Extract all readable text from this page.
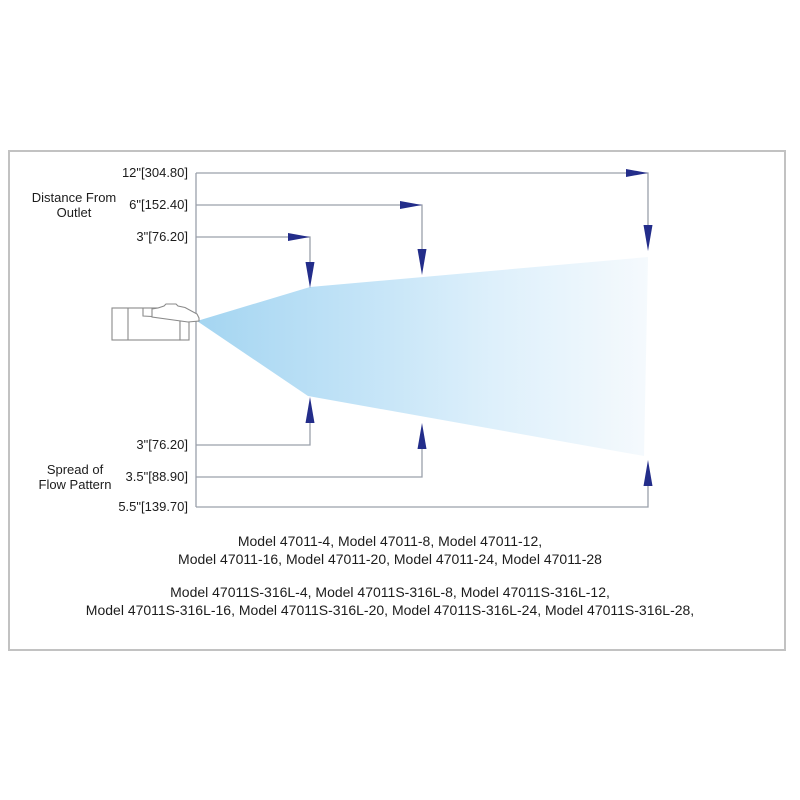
Distance From
Outlet
12"[304.80]
6"[152.40]
3"[76.20]
3"[76.20]
Spread of
Flow Pattern
3.5"[88.90]
5.5"[139.70]
Model 47011-4, Model 47011-8, Model 47011-12,
Model 47011-16, Model 47011-20, Model 47011-24, Model 47011-28
Model 47011S-316L-4, Model 47011S-316L-8, Model 47011S-316L-12,
Model 47011S-316L-16, Model 47011S-316L-20, Model 47011S-316L-24, Model 47011S-316L-28,
